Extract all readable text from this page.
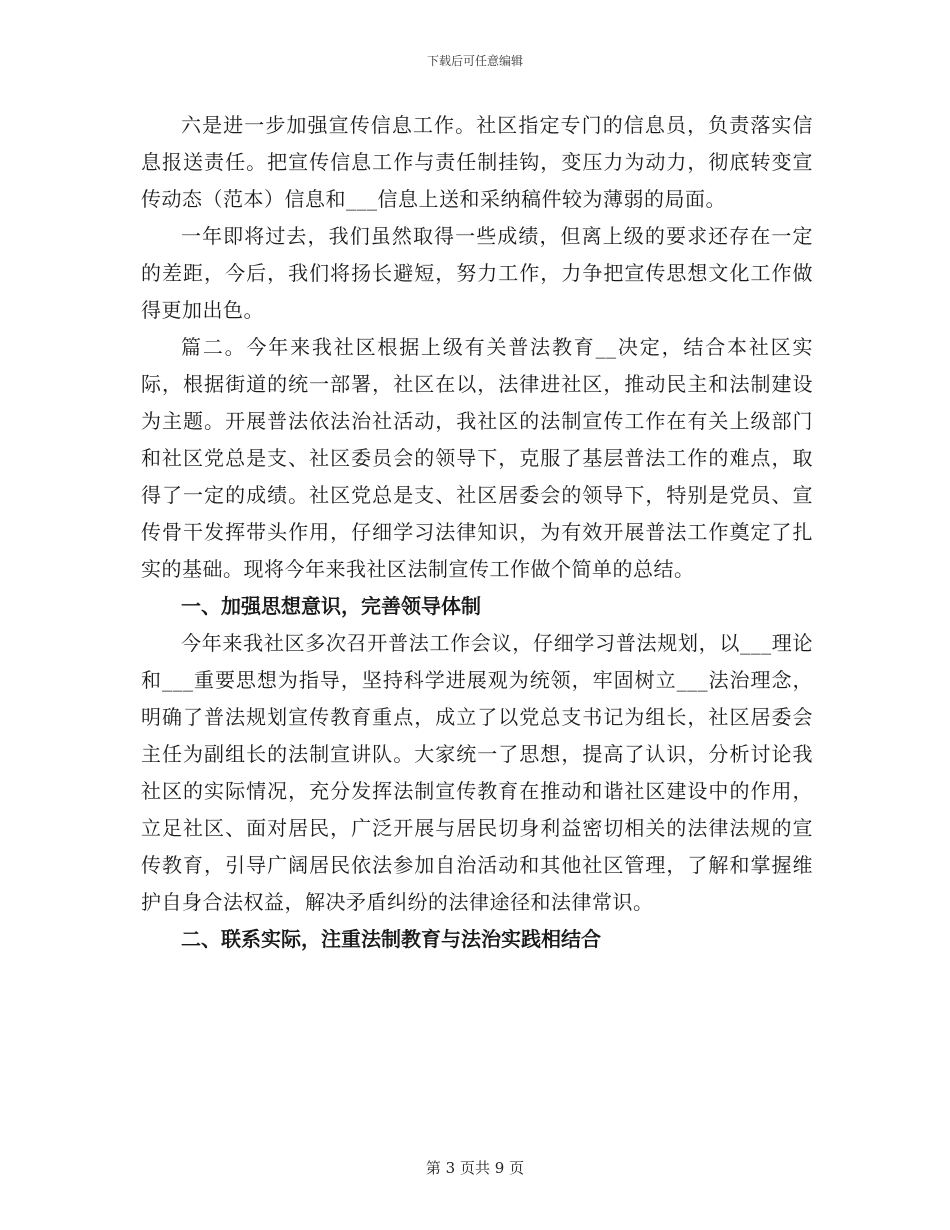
下载后可任意编辑

六是进一步加强宣传信息工作。社区指定专门的信息员，负责落实信息报送责任。把宣传信息工作与责任制挂钩，变压力为动力，彻底转变宣传动态（范本）信息和___信息上送和采纳稿件较为薄弱的局面。

一年即将过去，我们虽然取得一些成绩，但离上级的要求还存在一定的差距，今后，我们将扬长避短，努力工作，力争把宣传思想文化工作做得更加出色。

篇二。今年来我社区根据上级有关普法教育__决定，结合本社区实际，根据街道的统一部署，社区在以，法律进社区，推动民主和法制建设为主题。开展普法依法治社活动，我社区的法制宣传工作在有关上级部门和社区党总是支、社区委员会的领导下，克服了基层普法工作的难点，取得了一定的成绩。社区党总是支、社区居委会的领导下，特别是党员、宣传骨干发挥带头作用，仔细学习法律知识，为有效开展普法工作奠定了扎实的基础。现将今年来我社区法制宣传工作做个简单的总结。

一、加强思想意识，完善领导体制

今年来我社区多次召开普法工作会议，仔细学习普法规划，以___理论和___重要思想为指导，坚持科学进展观为统领，牢固树立___法治理念，明确了普法规划宣传教育重点，成立了以党总支书记为组长，社区居委会主任为副组长的法制宣讲队。大家统一了思想，提高了认识，分析讨论我社区的实际情况，充分发挥法制宣传教育在推动和谐社区建设中的作用，立足社区、面对居民，广泛开展与居民切身利益密切相关的法律法规的宣传教育，引导广阔居民依法参加自治活动和其他社区管理，了解和掌握维护自身合法权益，解决矛盾纠纷的法律途径和法律常识。

二、联系实际，注重法制教育与法治实践相结合

第 3 页共 9 页
